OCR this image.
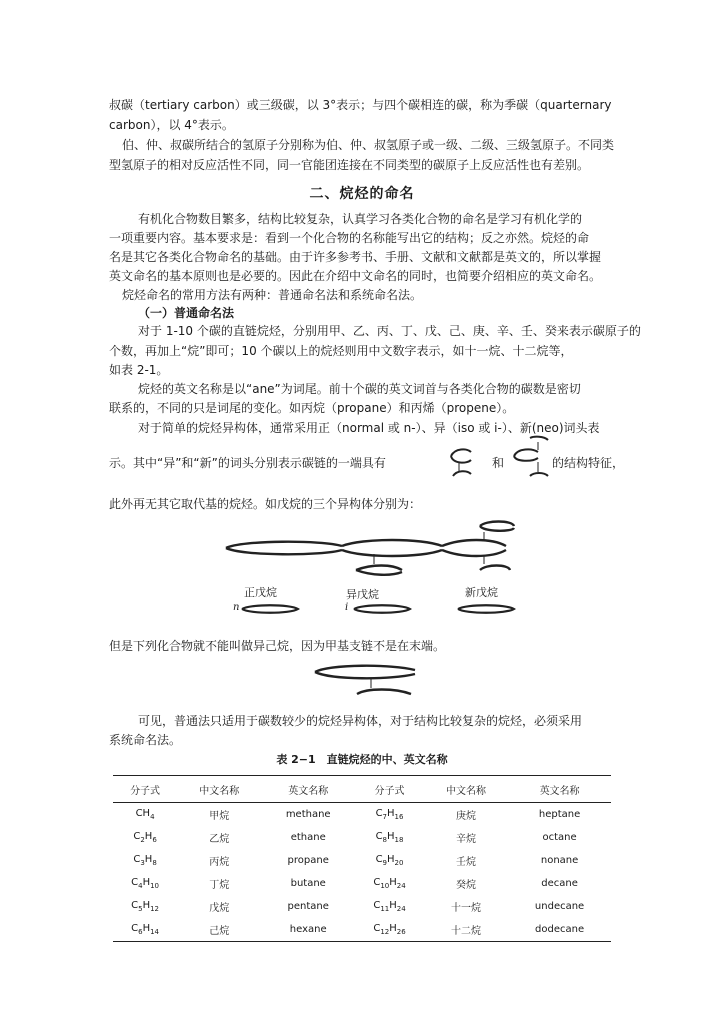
叔碳（tertiary carbon）或三级碳，以 3°表示；与四个碳相连的碳，称为季碳（quarternary
carbon），以 4°表示。
伯、仲、叔碳所结合的氢原子分别称为伯、仲、叔氢原子或一级、二级、三级氢原子。不同类
型氢原子的相对反应活性不同，同一官能团连接在不同类型的碳原子上反应活性也有差别。
二、烷烃的命名
有机化合物数目繁多，结构比较复杂，认真学习各类化合物的命名是学习有机化学的
一项重要内容。基本要求是：看到一个化合物的名称能写出它的结构；反之亦然。烷烃的命
名是其它各类化合物命名的基础。由于许多参考书、手册、文献和文献都是英文的，所以掌握
英文命名的基本原则也是必要的。因此在介绍中文命名的同时，也简要介绍相应的英文命名。
烷烃命名的常用方法有两种：普通命名法和系统命名法。
（一）普通命名法
对于 1-10 个碳的直链烷烃，分别用甲、乙、丙、丁、戊、己、庚、辛、壬、癸来表示碳原子的
个数，再加上“烷”即可；10 个碳以上的烷烃则用中文数字表示，如十一烷、十二烷等，
如表 2-1。
烷烃的英文名称是以“ane”为词尾。前十个碳的英文词首与各类化合物的碳数是密切
联系的，不同的只是词尾的变化。如丙烷（propane）和丙烯（propene）。
对于简单的烷烃异构体，通常采用正（normal 或 n-）、异（iso 或 i-）、新(neo)词头表
示。其中“异”和“新”的词头分别表示碳链的一端具有	和	的结构特征，
此外再无其它取代基的烷烃。如戊烷的三个异构体分别为：
正戊烷	异戊烷	新戊烷
n	i
但是下列化合物就不能叫做异己烷，因为甲基支链不是在末端。
可见，普通法只适用于碳数较少的烷烃异构体，对于结构比较复杂的烷烃，必须采用
系统命名法。
表 2−1　直链烷烃的中、英文名称
分子式	中文名称	英文名称	分子式	中文名称	英文名称
$CH_4$	甲烷	methane	$C_7H_{16}$	庚烷	heptane
$C_2H_6$	乙烷	ethane	$C_8H_{18}$	辛烷	octane
$C_3H_8$	丙烷	propane	$C_9H_{20}$	壬烷	nonane
$C_4H_{10}$	丁烷	butane	$C_{10}H_{24}$	癸烷	decane
$C_5H_{12}$	戊烷	pentane	$C_{11}H_{24}$	十一烷	undecane
$C_6H_{14}$	己烷	hexane	$C_{12}H_{26}$	十二烷	dodecane
